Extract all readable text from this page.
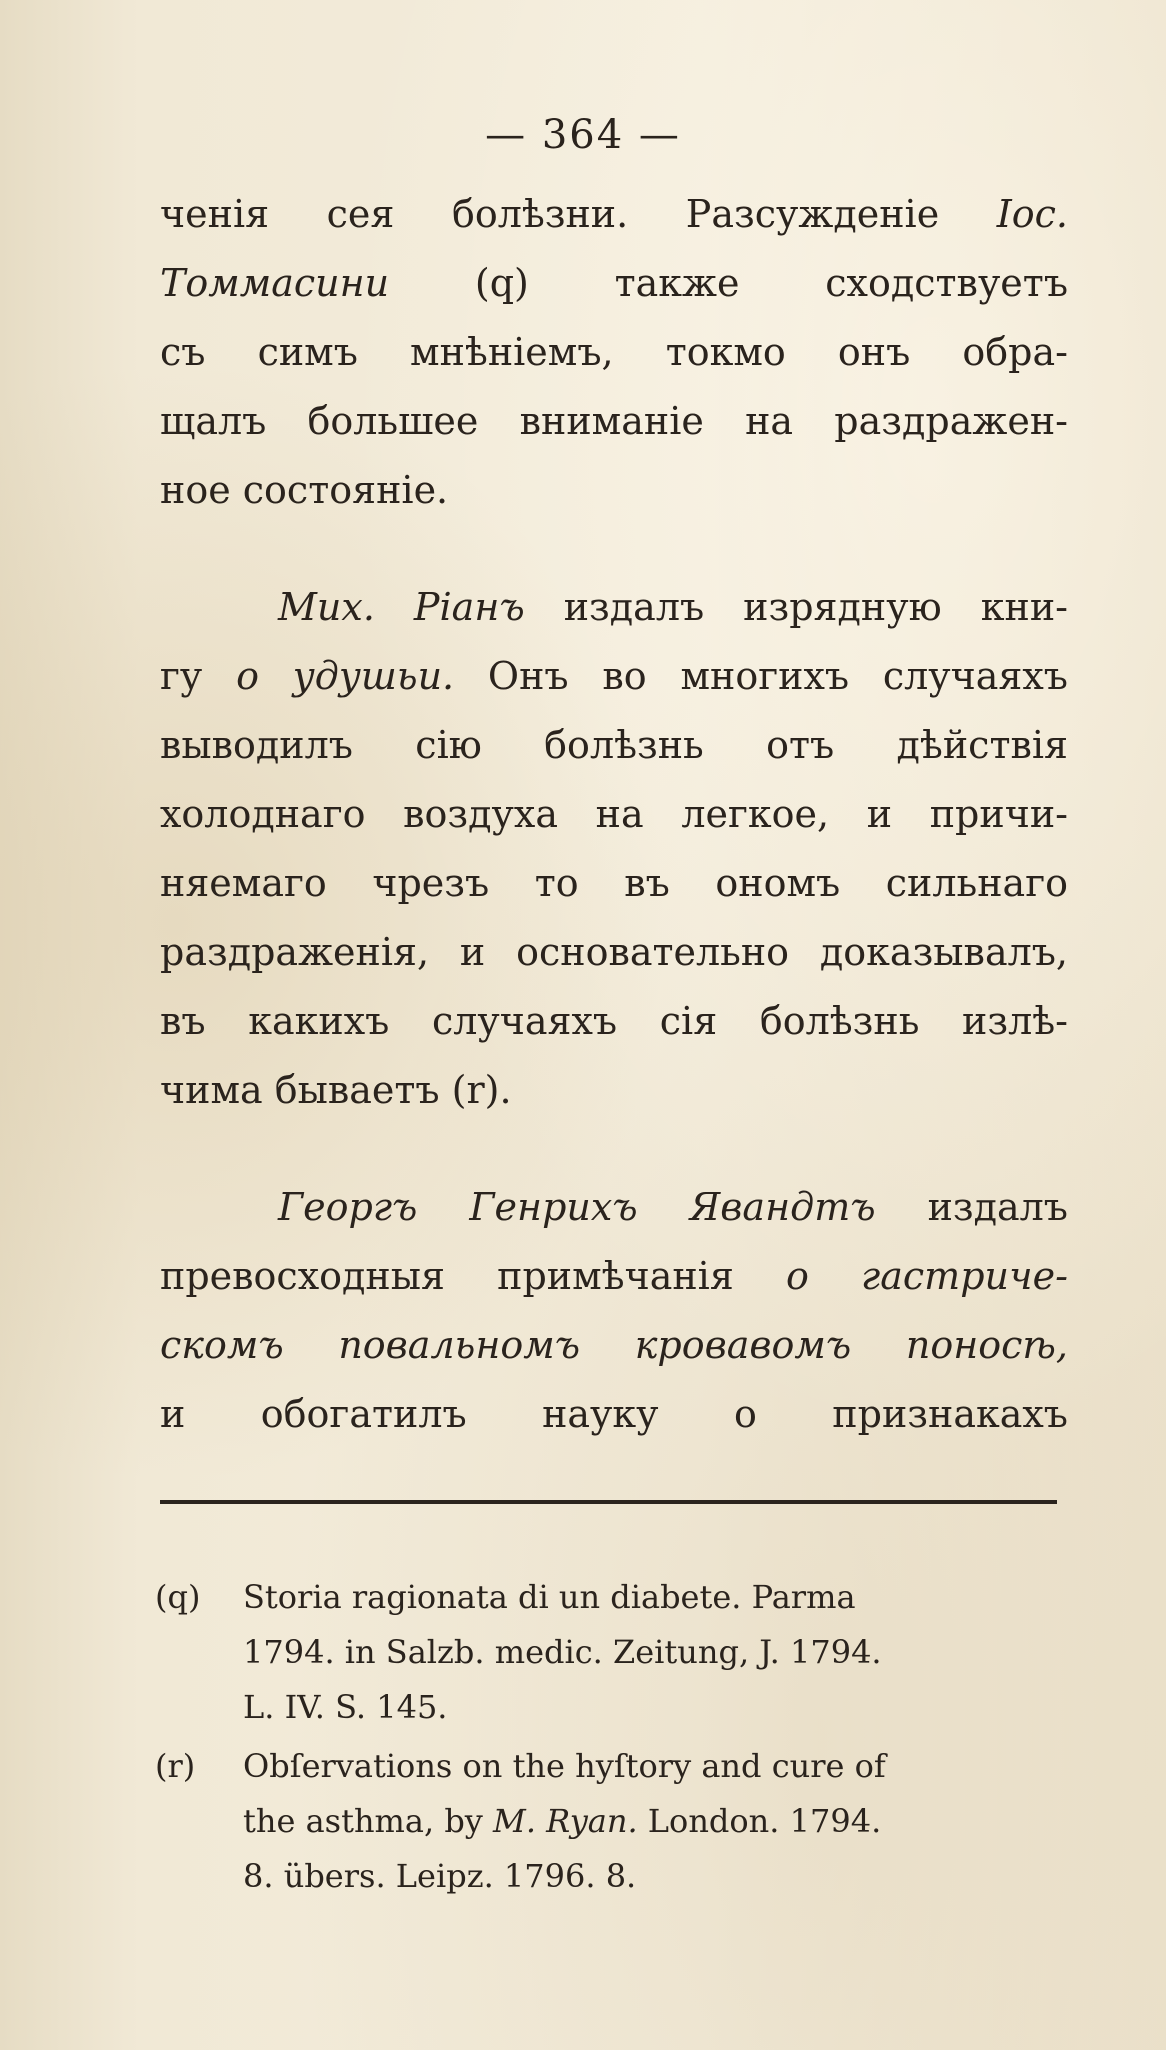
— 364 —
ченія сея болѣзни. Разсужденіе Іос.
Томмасини (q) также сходствуетъ
съ симъ мнѣніемъ, токмо онъ обра-
щалъ большее вниманіе на раздражен-
ное состояніе.
Мих. Ріанъ издалъ изрядную кни-
гу о удушьи. Онъ во многихъ случаяхъ
выводилъ сію болѣзнь отъ дѣйствія
холоднаго воздуха на легкое, и причи-
няемаго чрезъ то въ ономъ сильнаго
раздраженія, и основательно доказывалъ,
въ какихъ случаяхъ сія болѣзнь излѣ-
чима бываетъ (r).
Георгъ Генрихъ Явандтъ издалъ
превосходныя примѣчанія о гастриче-
скомъ повальномъ кровавомъ поносѣ,
и обогатилъ науку о признакахъ
(q) Storia ragionata di un diabete. Parma
1794. in Salzb. medic. Zeitung, J. 1794.
L. IV. S. 145.
(r) Obſervations on the hyſtory and cure of
the asthma, by M. Ryan. London. 1794.
8. übers. Leipz. 1796. 8.
